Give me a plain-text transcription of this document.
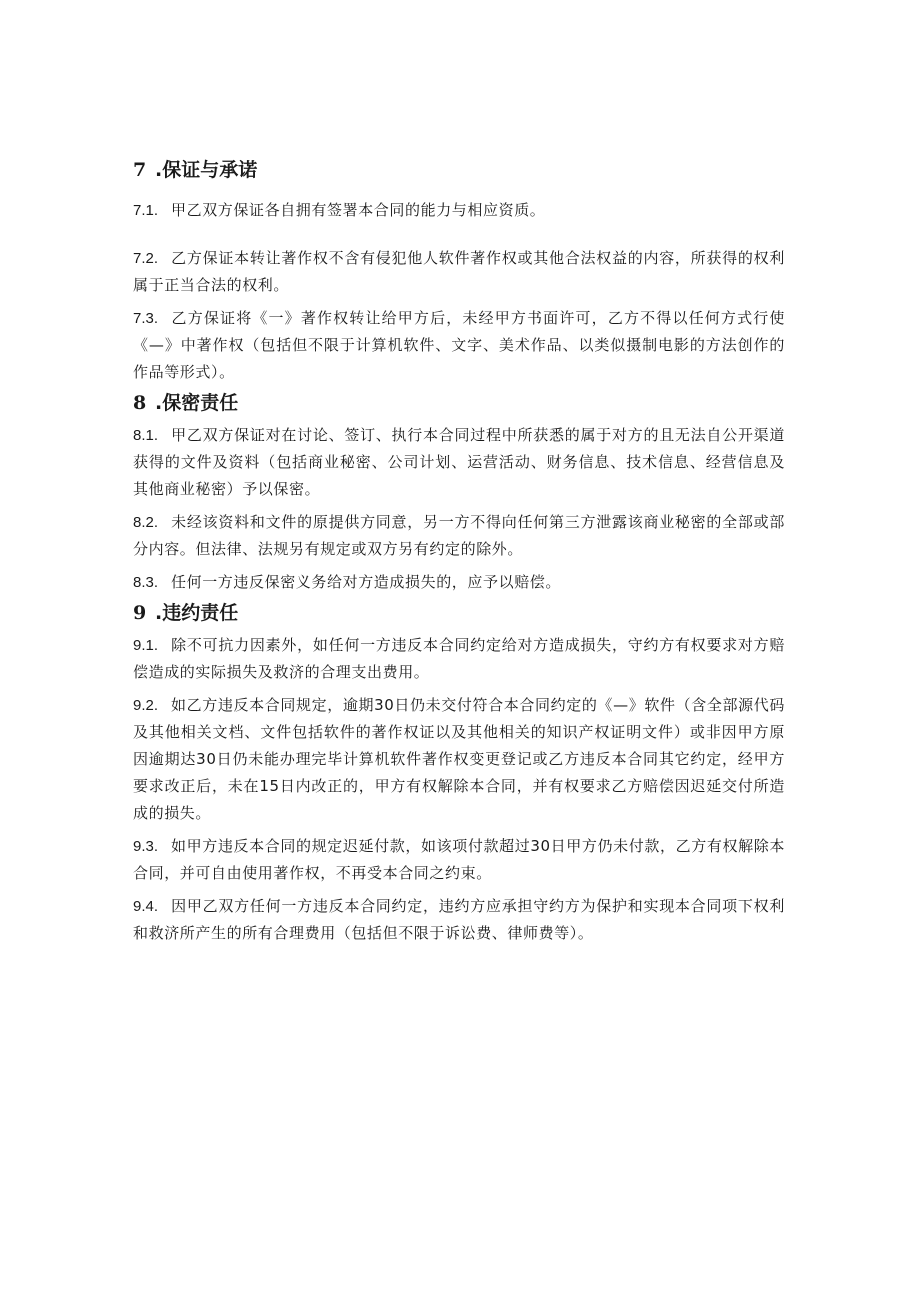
7 .保证与承诺

7.1. 甲乙双方保证各自拥有签署本合同的能力与相应资质。

7.2. 乙方保证本转让著作权不含有侵犯他人软件著作权或其他合法权益的内容，所获得的权利属于正当合法的权利。

7.3. 乙方保证将《一》著作权转让给甲方后，未经甲方书面许可，乙方不得以任何方式行使《—》中著作权（包括但不限于计算机软件、文字、美术作品、以类似摄制电影的方法创作的作品等形式）。

8 .保密责任

8.1. 甲乙双方保证对在讨论、签订、执行本合同过程中所获悉的属于对方的且无法自公开渠道获得的文件及资料（包括商业秘密、公司计划、运营活动、财务信息、技术信息、经营信息及其他商业秘密）予以保密。

8.2. 未经该资料和文件的原提供方同意，另一方不得向任何第三方泄露该商业秘密的全部或部分内容。但法律、法规另有规定或双方另有约定的除外。

8.3. 任何一方违反保密义务给对方造成损失的，应予以赔偿。

9 .违约责任

9.1. 除不可抗力因素外，如任何一方违反本合同约定给对方造成损失，守约方有权要求对方赔偿造成的实际损失及救济的合理支出费用。

9.2. 如乙方违反本合同规定，逾期30日仍未交付符合本合同约定的《—》软件（含全部源代码及其他相关文档、文件包括软件的著作权证以及其他相关的知识产权证明文件）或非因甲方原因逾期达30日仍未能办理完毕计算机软件著作权变更登记或乙方违反本合同其它约定，经甲方要求改正后，未在15日内改正的，甲方有权解除本合同，并有权要求乙方赔偿因迟延交付所造成的损失。

9.3. 如甲方违反本合同的规定迟延付款，如该项付款超过30日甲方仍未付款，乙方有权解除本合同，并可自由使用著作权，不再受本合同之约束。

9.4. 因甲乙双方任何一方违反本合同约定，违约方应承担守约方为保护和实现本合同项下权利和救济所产生的所有合理费用（包括但不限于诉讼费、律师费等）。
